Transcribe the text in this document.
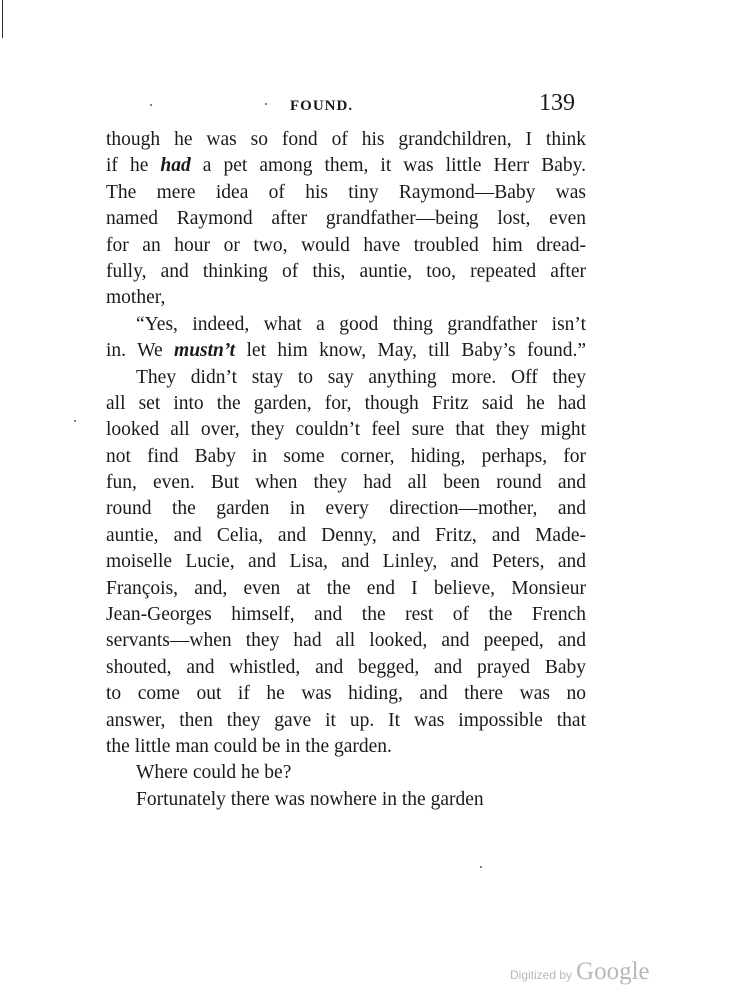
FOUND.	139
though he was so fond of his grandchildren, I think
if he had a pet among them, it was little Herr Baby.
The mere idea of his tiny Raymond—Baby was
named Raymond after grandfather—being lost, even
for an hour or two, would have troubled him dread-
fully, and thinking of this, auntie, too, repeated after
mother,
“Yes, indeed, what a good thing grandfather isn’t
in. We mustn’t let him know, May, till Baby’s found.”
They didn’t stay to say anything more. Off they
all set into the garden, for, though Fritz said he had
looked all over, they couldn’t feel sure that they might
not find Baby in some corner, hiding, perhaps, for
fun, even. But when they had all been round and
round the garden in every direction—mother, and
auntie, and Celia, and Denny, and Fritz, and Made-
moiselle Lucie, and Lisa, and Linley, and Peters, and
François, and, even at the end I believe, Monsieur
Jean-Georges himself, and the rest of the French
servants—when they had all looked, and peeped, and
shouted, and whistled, and begged, and prayed Baby
to come out if he was hiding, and there was no
answer, then they gave it up. It was impossible that
the little man could be in the garden.
Where could he be?
Fortunately there was nowhere in the garden
Digitized by Google
